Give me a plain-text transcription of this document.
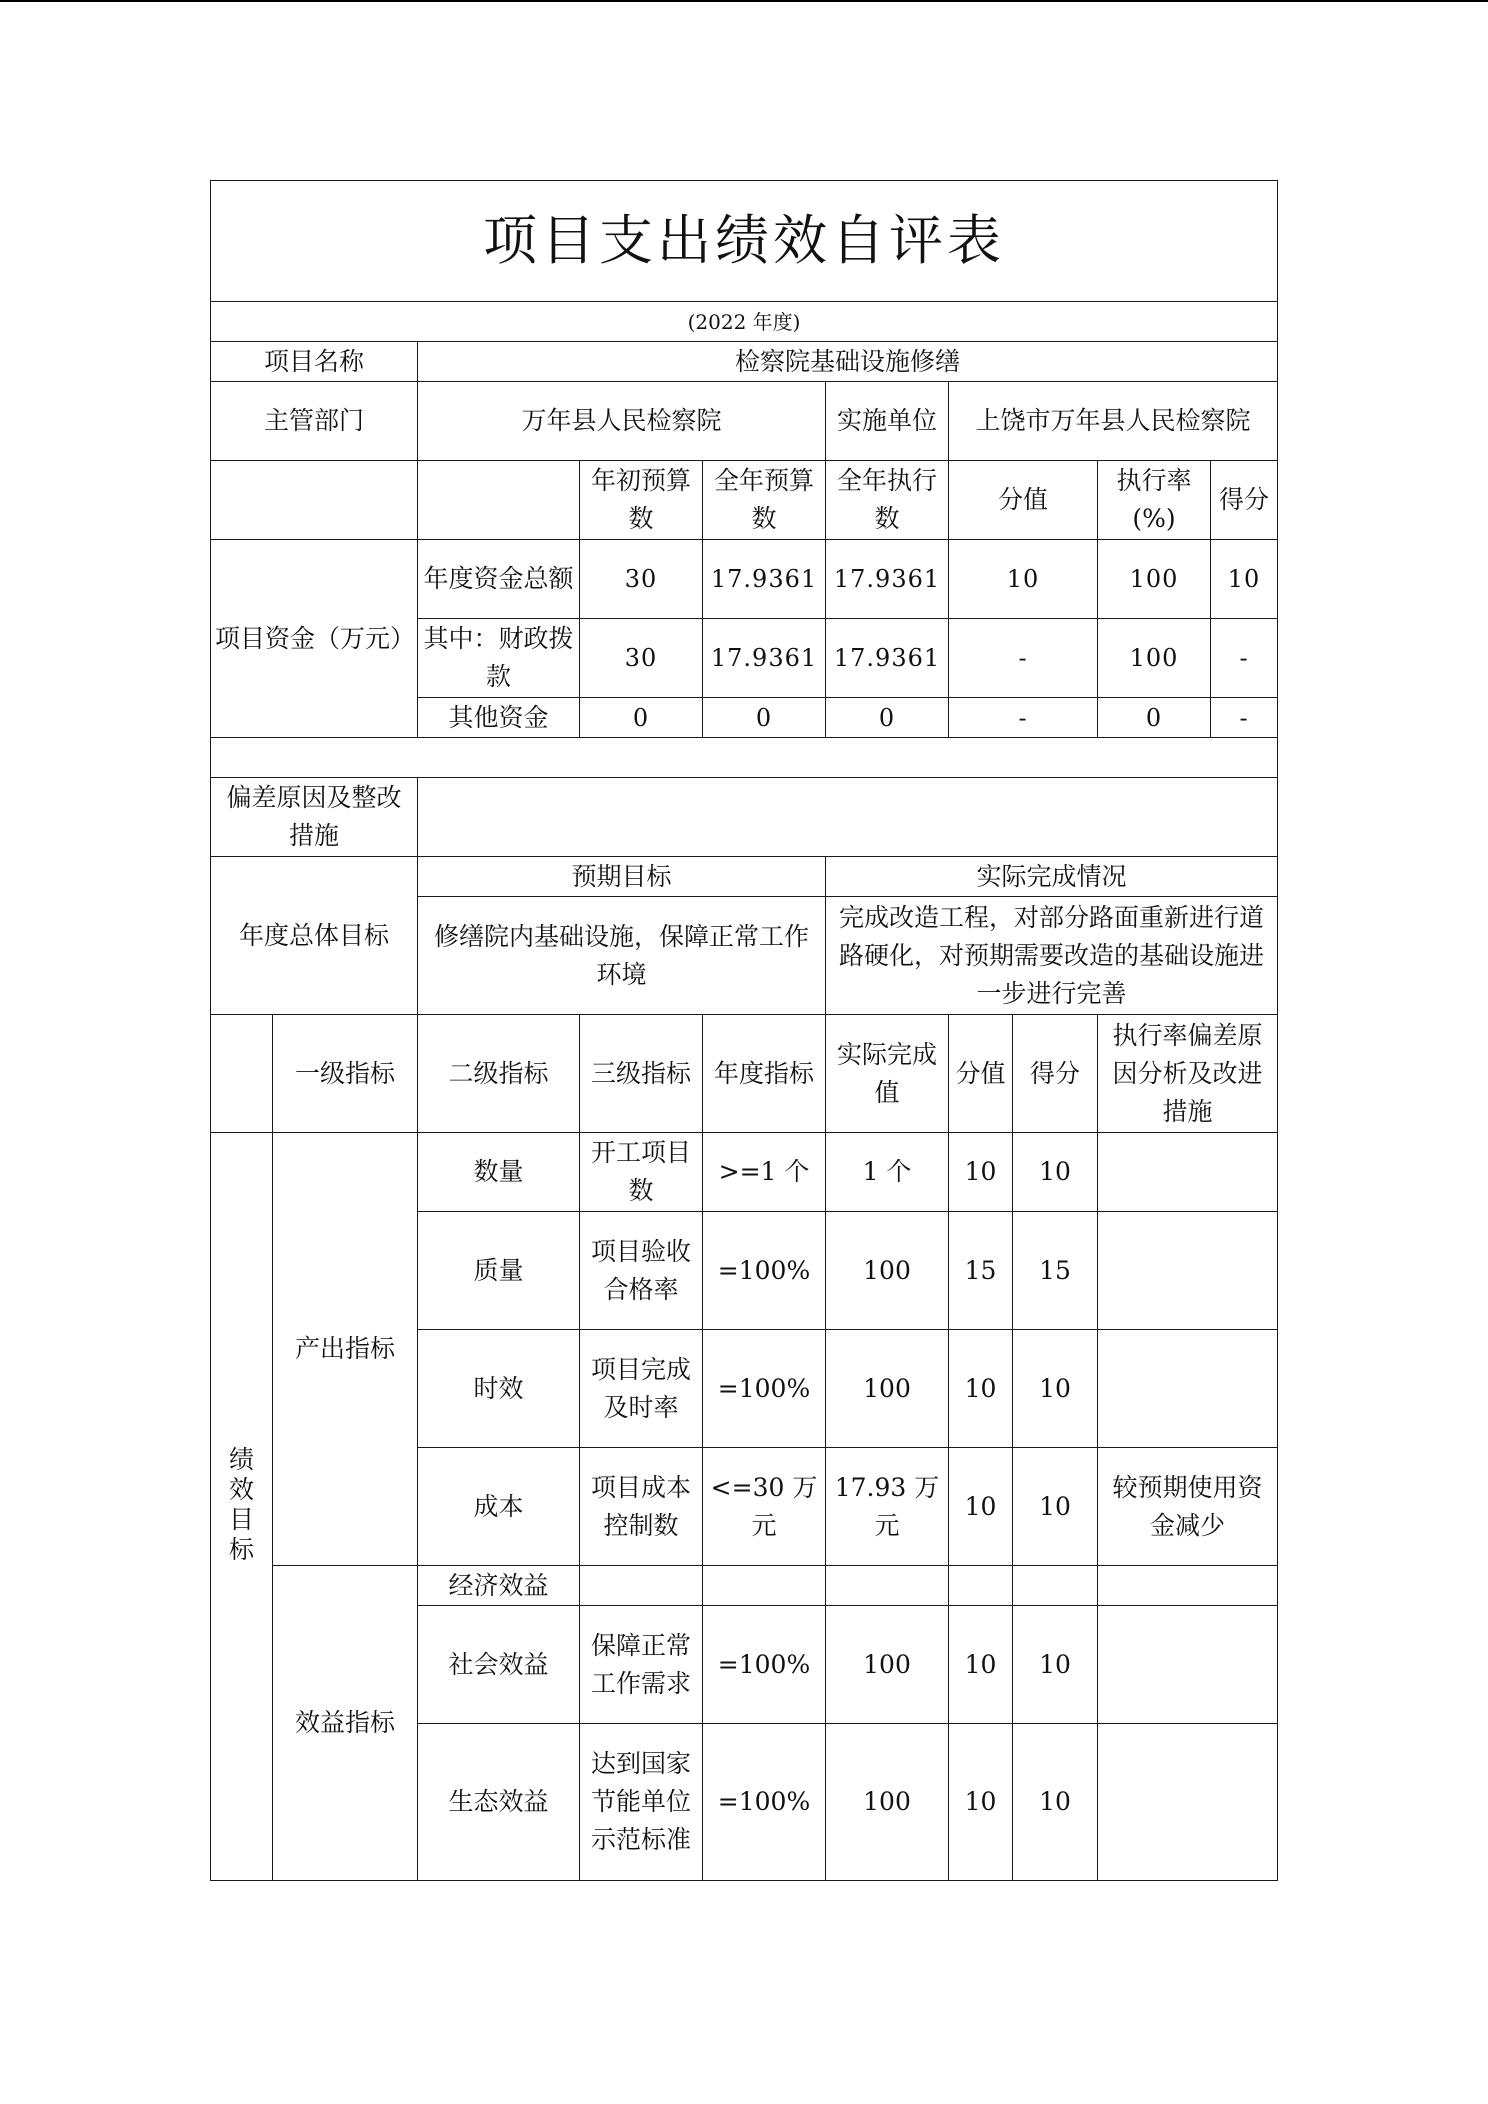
项目支出绩效自评表									
(2022 年度)									
项目名称		检察院基础设施修缮							
主管部门		万年县人民检察院			实施单位	上饶市万年县人民检察院			
			年初预算数	全年预算数	全年执行数	分值		执行率(%)	得分
项目资金（万元）		年度资金总额	30	17.9361	17.9361	10		100	10
		其中：财政拨款	30	17.9361	17.9361	-		100	-
		其他资金	0	0	0	-		0	-

偏差原因及整改措施									
年度总体目标		预期目标			实际完成情况				
		修缮院内基础设施，保障正常工作环境			完成改造工程，对部分路面重新进行道路硬化，对预期需要改造的基础设施进一步进行完善				
	一级指标	二级指标	三级指标	年度指标	实际完成值	分值	得分	执行率偏差原因分析及改进措施	
绩效目标	产出指标	数量	开工项目数	>=1 个	1 个	10	10		
		质量	项目验收合格率	=100%	100	15	15		
		时效	项目完成及时率	=100%	100	10	10		
		成本	项目成本控制数	<=30 万元	17.93 万元	10	10	较预期使用资金减少	
	效益指标	经济效益							
		社会效益	保障正常工作需求	=100%	100	10	10		
		生态效益	达到国家节能单位示范标准	=100%	100	10	10		
